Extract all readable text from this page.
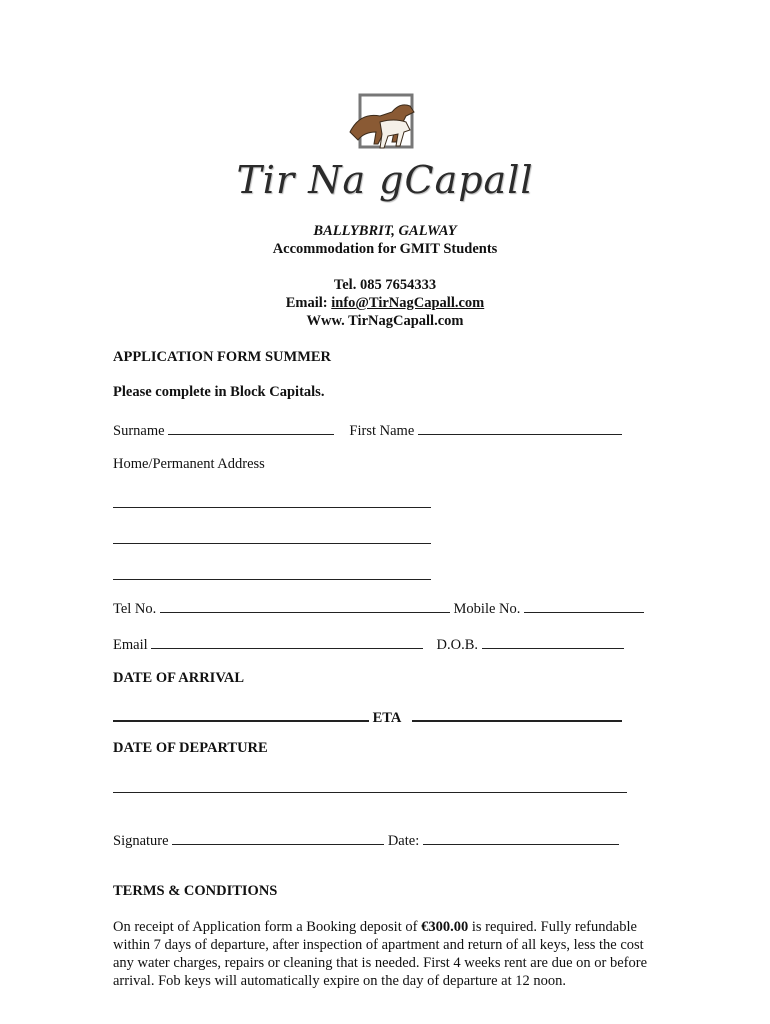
Tir Na gCapall
BALLYBRIT, GALWAY
Accommodation for GMIT Students
Tel. 085 7654333
Email: info@TirNagCapall.com
Www. TirNagCapall.com
APPLICATION FORM SUMMER
Please complete in Block Capitals.
Surname	First Name
Home/Permanent Address
Tel No.	Mobile No.
Email	D.O.B.
DATE OF ARRIVAL
ETA
DATE OF DEPARTURE
Signature	Date:
TERMS & CONDITIONS

On receipt of Application form a Booking deposit of €300.00 is required. Fully refundable within 7 days of departure, after inspection of apartment and return of all keys, less the cost any water charges, repairs or cleaning that is needed. First 4 weeks rent are due on or before arrival. Fob keys will automatically expire on the day of departure at 12 noon.
